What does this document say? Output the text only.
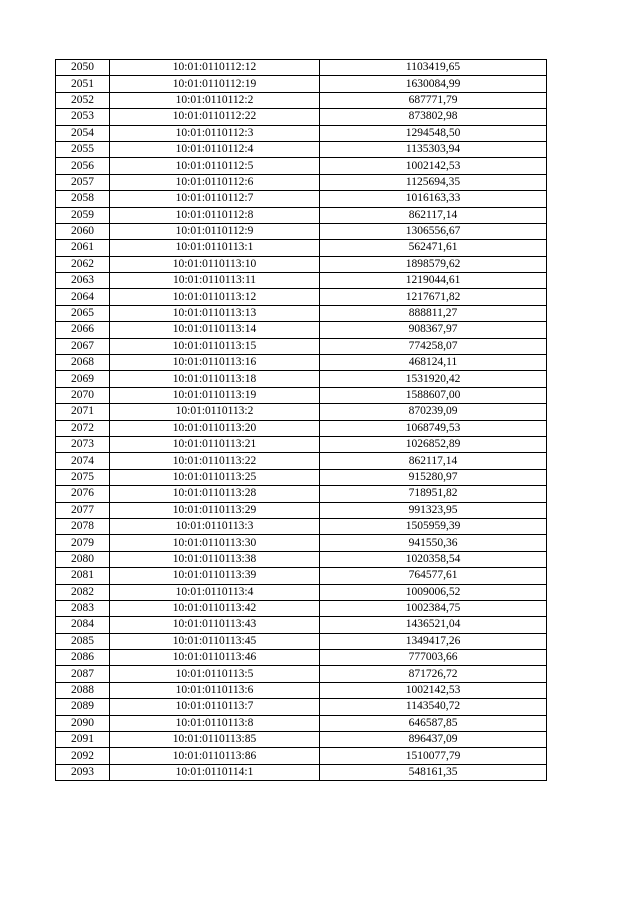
2050	10:01:0110112:12	1103419,65
2051	10:01:0110112:19	1630084,99
2052	10:01:0110112:2	687771,79
2053	10:01:0110112:22	873802,98
2054	10:01:0110112:3	1294548,50
2055	10:01:0110112:4	1135303,94
2056	10:01:0110112:5	1002142,53
2057	10:01:0110112:6	1125694,35
2058	10:01:0110112:7	1016163,33
2059	10:01:0110112:8	862117,14
2060	10:01:0110112:9	1306556,67
2061	10:01:0110113:1	562471,61
2062	10:01:0110113:10	1898579,62
2063	10:01:0110113:11	1219044,61
2064	10:01:0110113:12	1217671,82
2065	10:01:0110113:13	888811,27
2066	10:01:0110113:14	908367,97
2067	10:01:0110113:15	774258,07
2068	10:01:0110113:16	468124,11
2069	10:01:0110113:18	1531920,42
2070	10:01:0110113:19	1588607,00
2071	10:01:0110113:2	870239,09
2072	10:01:0110113:20	1068749,53
2073	10:01:0110113:21	1026852,89
2074	10:01:0110113:22	862117,14
2075	10:01:0110113:25	915280,97
2076	10:01:0110113:28	718951,82
2077	10:01:0110113:29	991323,95
2078	10:01:0110113:3	1505959,39
2079	10:01:0110113:30	941550,36
2080	10:01:0110113:38	1020358,54
2081	10:01:0110113:39	764577,61
2082	10:01:0110113:4	1009006,52
2083	10:01:0110113:42	1002384,75
2084	10:01:0110113:43	1436521,04
2085	10:01:0110113:45	1349417,26
2086	10:01:0110113:46	777003,66
2087	10:01:0110113:5	871726,72
2088	10:01:0110113:6	1002142,53
2089	10:01:0110113:7	1143540,72
2090	10:01:0110113:8	646587,85
2091	10:01:0110113:85	896437,09
2092	10:01:0110113:86	1510077,79
2093	10:01:0110114:1	548161,35
